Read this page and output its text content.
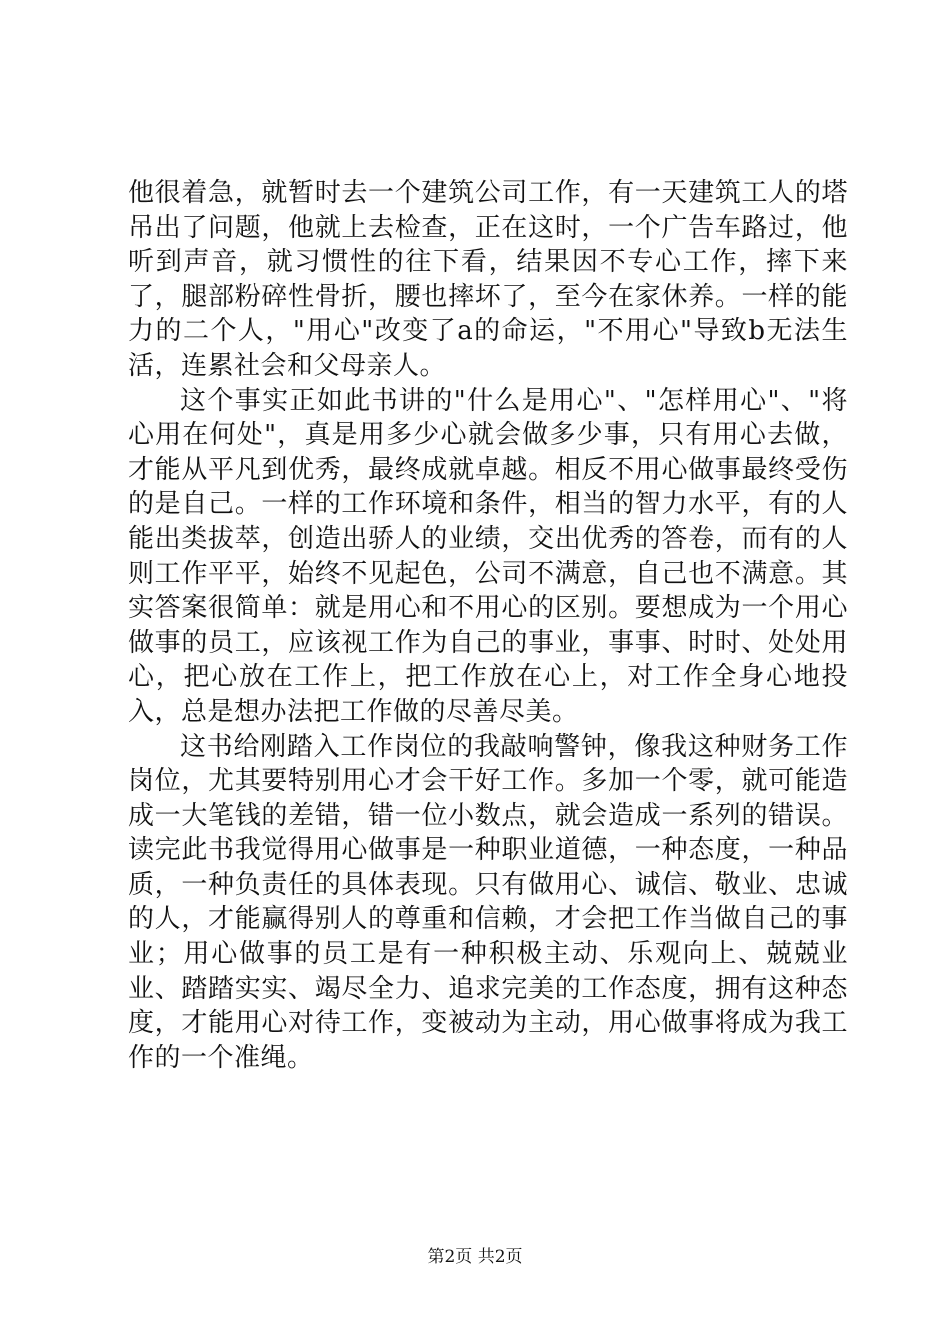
他很着急，就暂时去一个建筑公司工作，有一天建筑工人的塔吊出了问题，他就上去检查，正在这时，一个广告车路过，他听到声音，就习惯性的往下看，结果因不专心工作，摔下来了，腿部粉碎性骨折，腰也摔坏了，至今在家休养。一样的能力的二个人，"用心"改变了a的命运，"不用心"导致b无法生活，连累社会和父母亲人。

这个事实正如此书讲的"什么是用心"、"怎样用心"、"将心用在何处"，真是用多少心就会做多少事，只有用心去做，才能从平凡到优秀，最终成就卓越。相反不用心做事最终受伤的是自己。一样的工作环境和条件，相当的智力水平，有的人能出类拔萃，创造出骄人的业绩，交出优秀的答卷，而有的人则工作平平，始终不见起色，公司不满意，自己也不满意。其实答案很简单：就是用心和不用心的区别。要想成为一个用心做事的员工，应该视工作为自己的事业，事事、时时、处处用心，把心放在工作上，把工作放在心上，对工作全身心地投入，总是想办法把工作做的尽善尽美。

这书给刚踏入工作岗位的我敲响警钟，像我这种财务工作岗位，尤其要特别用心才会干好工作。多加一个零，就可能造成一大笔钱的差错，错一位小数点，就会造成一系列的错误。读完此书我觉得用心做事是一种职业道德，一种态度，一种品质，一种负责任的具体表现。只有做用心、诚信、敬业、忠诚的人，才能赢得别人的尊重和信赖，才会把工作当做自己的事业；用心做事的员工是有一种积极主动、乐观向上、兢兢业业、踏踏实实、竭尽全力、追求完美的工作态度，拥有这种态度，才能用心对待工作，变被动为主动，用心做事将成为我工作的一个准绳。

第2页 共2页
